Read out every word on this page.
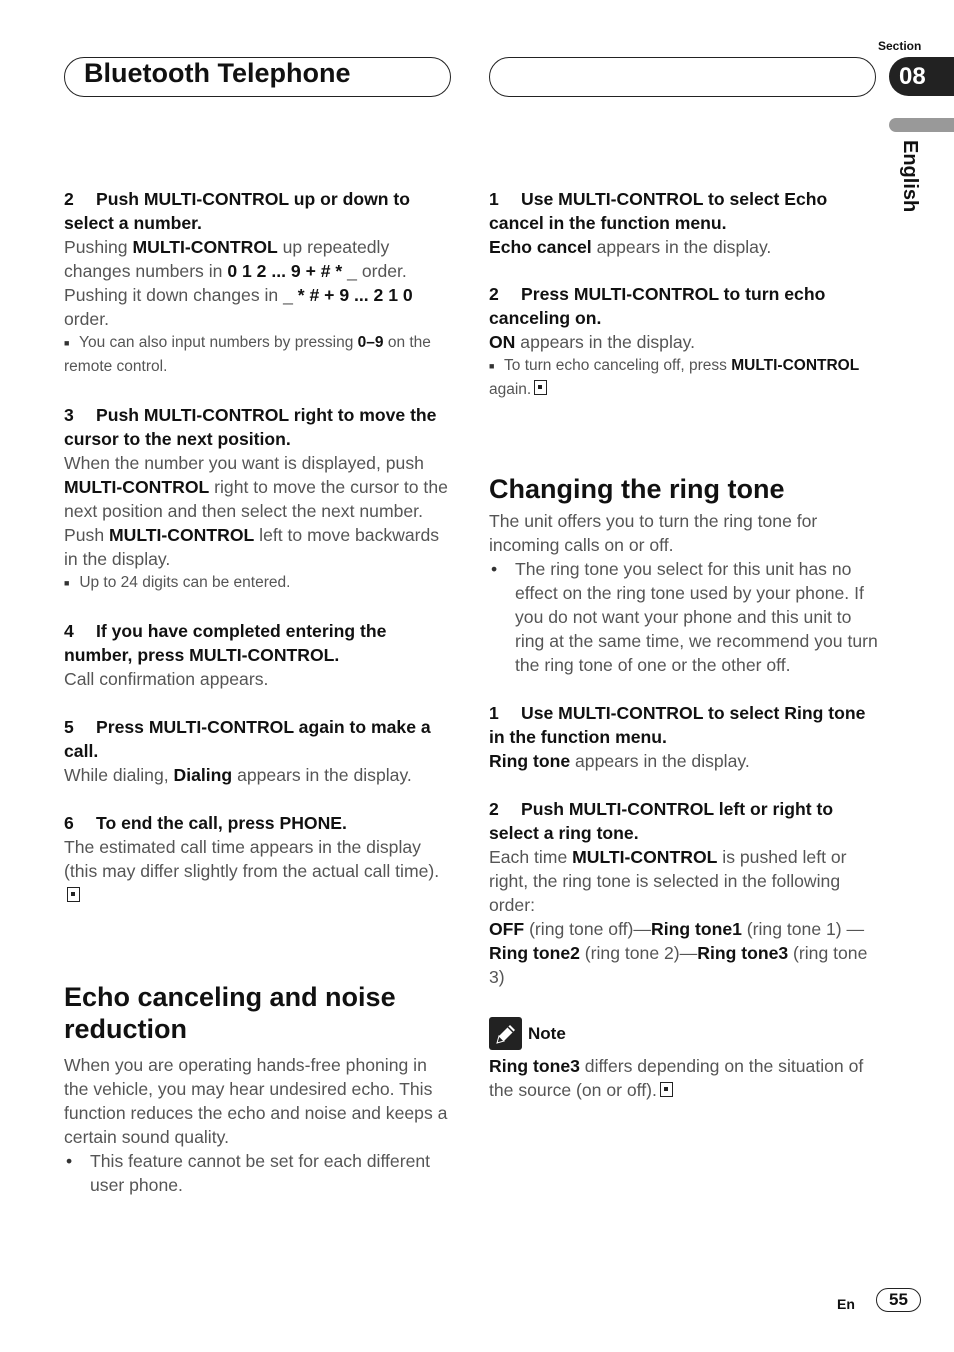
Bluetooth Telephone
Section
08
English

2 Push MULTI-CONTROL up or down to select a number.

Pushing MULTI-CONTROL up repeatedly changes numbers in 0 1 2 ... 9 + # * _ order. Pushing it down changes in _ * # + 9 ... 2 1 0 order.

■ You can also input numbers by pressing 0–9 on the remote control.

3 Push MULTI-CONTROL right to move the cursor to the next position.

When the number you want is displayed, push MULTI-CONTROL right to move the cursor to the next position and then select the next number. Push MULTI-CONTROL left to move backwards in the display.

■ Up to 24 digits can be entered.

4 If you have completed entering the number, press MULTI-CONTROL.

Call confirmation appears.

5 Press MULTI-CONTROL again to make a call.

While dialing, Dialing appears in the display.

6 To end the call, press PHONE.

The estimated call time appears in the display (this may differ slightly from the actual call time).

Echo canceling and noise reduction

When you are operating hands-free phoning in the vehicle, you may hear undesired echo. This function reduces the echo and noise and keeps a certain sound quality.

• This feature cannot be set for each different user phone.

1 Use MULTI-CONTROL to select Echo cancel in the function menu.

Echo cancel appears in the display.

2 Press MULTI-CONTROL to turn echo canceling on.

ON appears in the display.

■ To turn echo canceling off, press MULTI-CONTROL again.

Changing the ring tone

The unit offers you to turn the ring tone for incoming calls on or off.

• The ring tone you select for this unit has no effect on the ring tone used by your phone. If you do not want your phone and this unit to ring at the same time, we recommend you turn the ring tone of one or the other off.

1 Use MULTI-CONTROL to select Ring tone in the function menu.

Ring tone appears in the display.

2 Push MULTI-CONTROL left or right to select a ring tone.

Each time MULTI-CONTROL is pushed left or right, the ring tone is selected in the following order:

OFF (ring tone off)—Ring tone1 (ring tone 1) —Ring tone2 (ring tone 2)—Ring tone3 (ring tone 3)

Note

Ring tone3 differs depending on the situation of the source (on or off).

En	55
